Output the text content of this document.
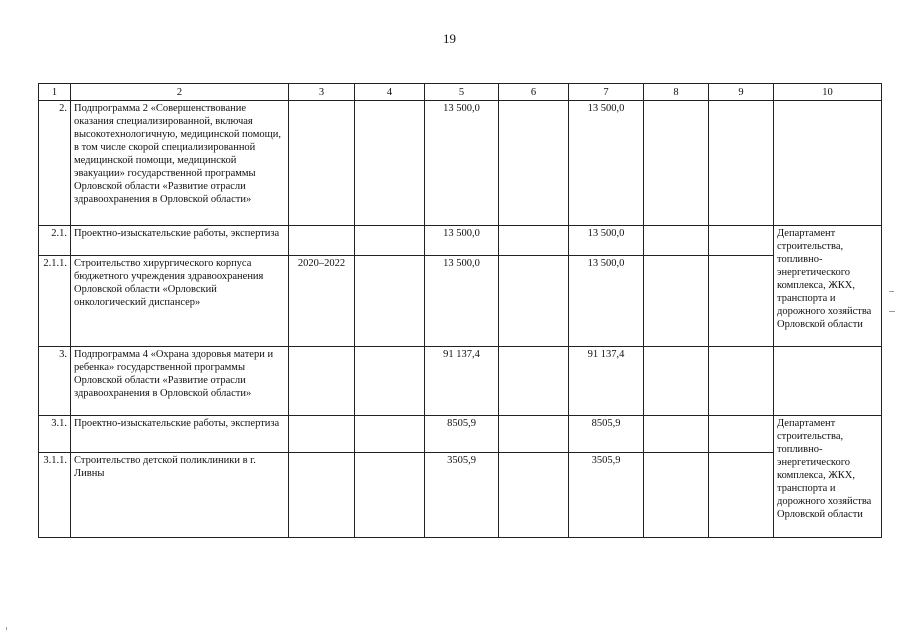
19
1	2	3	4	5	6	7	8	9	10
2.	Подпрограмма 2 «Совершенствование оказания специализированной, включая высокотехнологичную, медицинской помощи, в том числе скорой специализированной медицинской помощи, медицинской эвакуации» государственной программы Орловской области «Развитие отрасли здравоохранения в Орловской области»			13 500,0		13 500,0			
2.1.	Проектно-изыскательские работы, экспертиза			13 500,0		13 500,0			Департамент строительства, топливно-энергетического комплекса, ЖКХ, транспорта и дорожного хозяйства Орловской области
2.1.1.	Строительство хирургического корпуса бюджетного учреждения здравоохранения Орловской области «Орловский онкологический диспансер»	2020–2022		13 500,0		13 500,0			
3.	Подпрограмма 4 «Охрана здоровья матери и ребенка» государственной программы Орловской области «Развитие отрасли здравоохранения в Орловской области»			91 137,4		91 137,4			
3.1.	Проектно-изыскательские работы, экспертиза			8505,9		8505,9			Департамент строительства, топливно-энергетического комплекса, ЖКХ, транспорта и дорожного хозяйства Орловской области
3.1.1.	Строительство детской поликлиники в г. Ливны			3505,9		3505,9			
